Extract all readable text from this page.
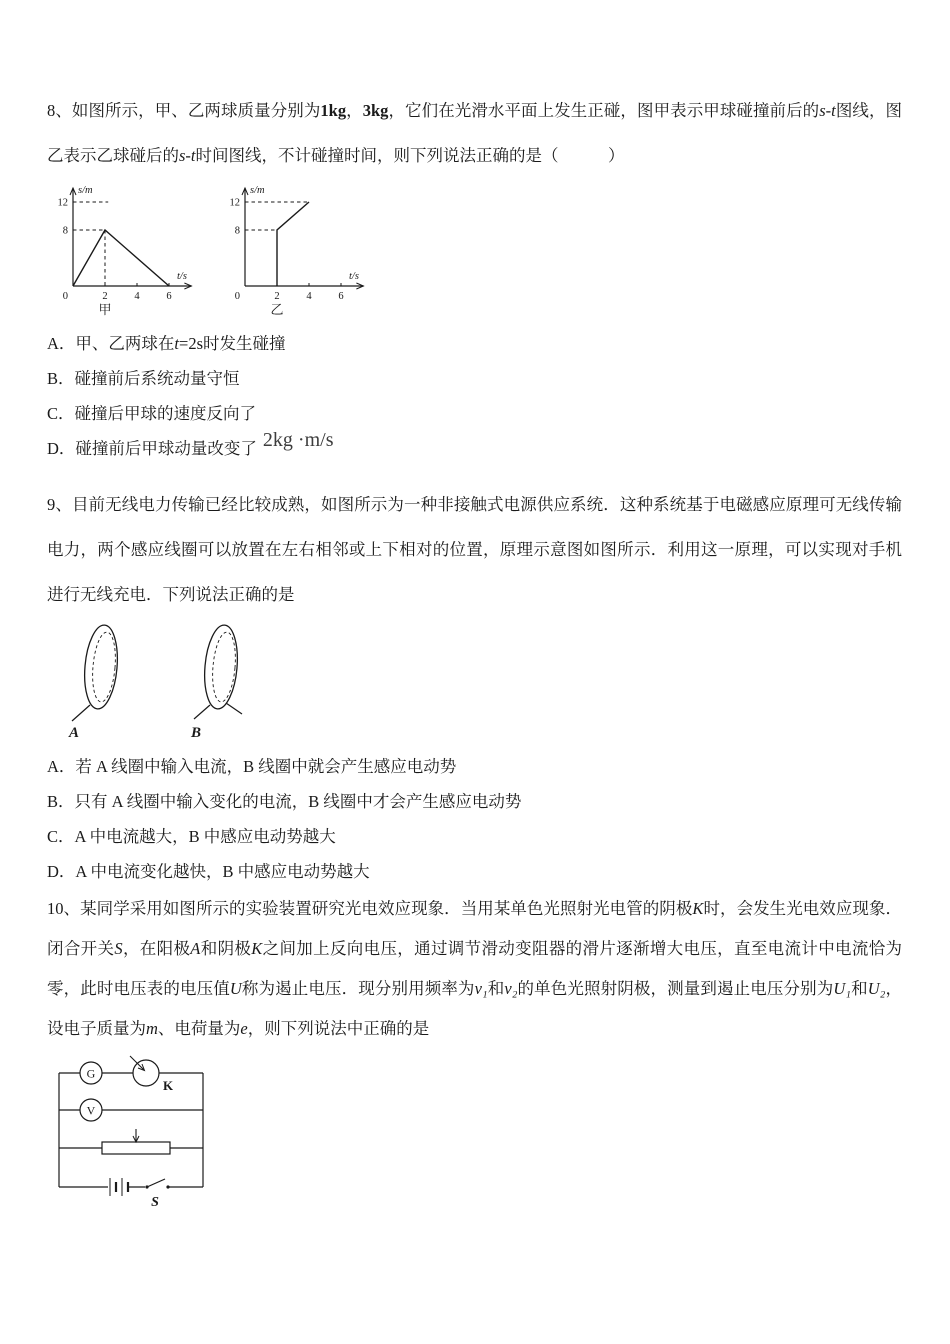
8、如图所示，甲、乙两球质量分别为1kg，3kg，它们在光滑水平面上发生正碰，图甲表示甲球碰撞前后的s-t图线，图乙表示乙球碰后的s-t时间图线，不计碰撞时间，则下列说法正确的是（　　　）

8
12
2	4	6
0
s/m
t/s
甲
8
12
2	4	6
0
s/m
t/s
乙

A．甲、乙两球在t=2s时发生碰撞

B．碰撞前后系统动量守恒

C．碰撞后甲球的速度反向了

D．碰撞前后甲球动量改变了 2kg ·m/s

9、目前无线电力传输已经比较成熟，如图所示为一种非接触式电源供应系统．这种系统基于电磁感应原理可无线传输电力，两个感应线圈可以放置在左右相邻或上下相对的位置，原理示意图如图所示．利用这一原理，可以实现对手机进行无线充电．下列说法正确的是

A	B

A．若 A 线圈中输入电流，B 线圈中就会产生感应电动势

B．只有 A 线圈中输入变化的电流，B 线圈中才会产生感应电动势

C．A 中电流越大，B 中感应电动势越大

D．A 中电流变化越快，B 中感应电动势越大

10、某同学采用如图所示的实验装置研究光电效应现象．当用某单色光照射光电管的阴极K时，会发生光电效应现象．闭合开关S，在阳极A和阴极K之间加上反向电压，通过调节滑动变阻器的滑片逐渐增大电压，直至电流计中电流恰为零，此时电压表的电压值U称为遏止电压．现分别用频率为v₁和v₂的单色光照射阴极，测量到遏止电压分别为U₁和U₂，设电子质量为m、电荷量为e，则下列说法中正确的是

G
K
V
S
